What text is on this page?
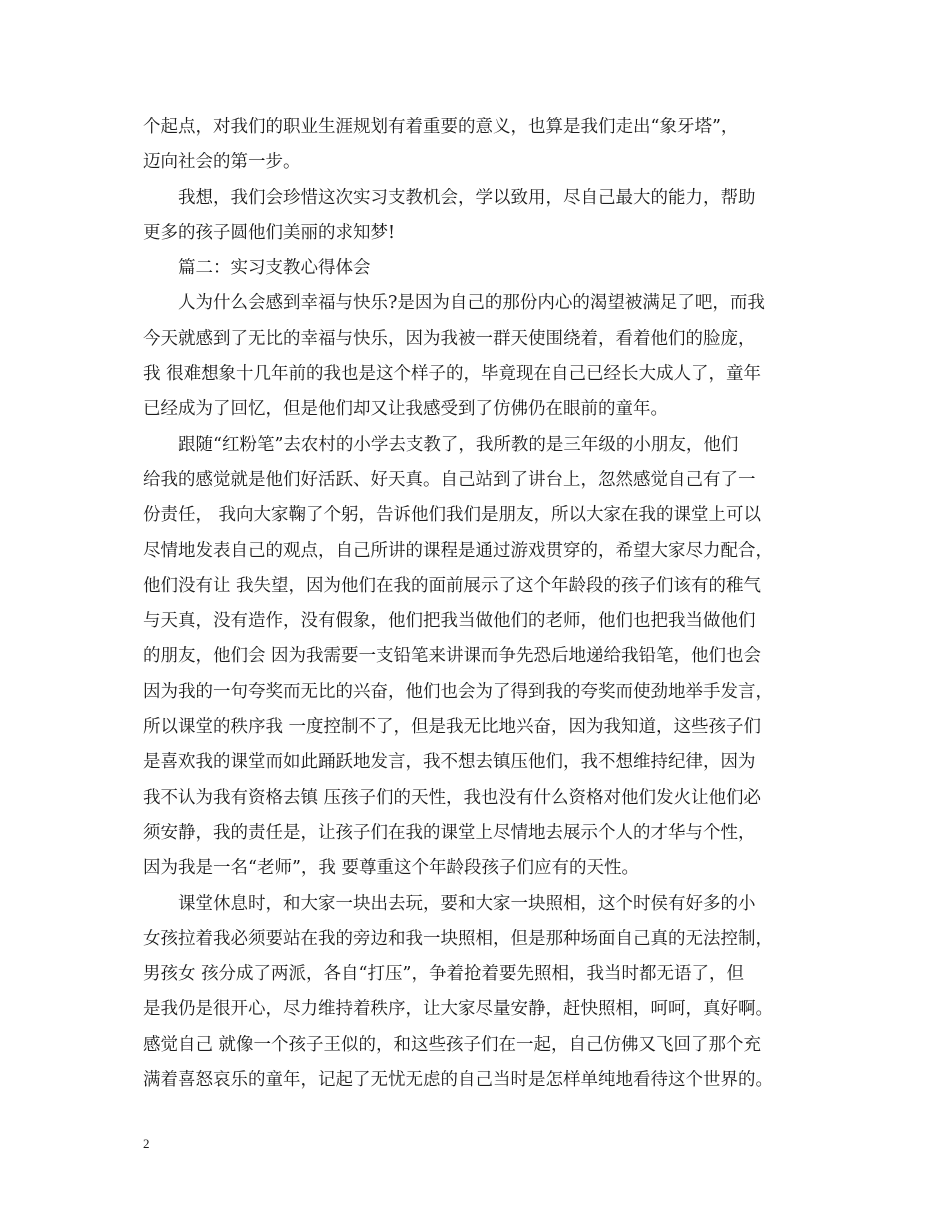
个起点，对我们的职业生涯规划有着重要的意义，也算是我们走出“象牙塔”，
迈向社会的第一步。
我想，我们会珍惜这次实习支教机会，学以致用，尽自己最大的能力，帮助
更多的孩子圆他们美丽的求知梦!
篇二：实习支教心得体会
人为什么会感到幸福与快乐?是因为自己的那份内心的渴望被满足了吧，而我
今天就感到了无比的幸福与快乐，因为我被一群天使围绕着，看着他们的脸庞，
我 很难想象十几年前的我也是这个样子的，毕竟现在自己已经长大成人了，童年
已经成为了回忆，但是他们却又让我感受到了仿佛仍在眼前的童年。
跟随“红粉笔”去农村的小学去支教了，我所教的是三年级的小朋友，他们
给我的感觉就是他们好活跃、好天真。自己站到了讲台上，忽然感觉自己有了一
份责任， 我向大家鞠了个躬，告诉他们我们是朋友，所以大家在我的课堂上可以
尽情地发表自己的观点，自己所讲的课程是通过游戏贯穿的，希望大家尽力配合，
他们没有让 我失望，因为他们在我的面前展示了这个年龄段的孩子们该有的稚气
与天真，没有造作，没有假象，他们把我当做他们的老师，他们也把我当做他们
的朋友，他们会 因为我需要一支铅笔来讲课而争先恐后地递给我铅笔，他们也会
因为我的一句夸奖而无比的兴奋，他们也会为了得到我的夸奖而使劲地举手发言，
所以课堂的秩序我 一度控制不了，但是我无比地兴奋，因为我知道，这些孩子们
是喜欢我的课堂而如此踊跃地发言，我不想去镇压他们，我不想维持纪律，因为
我不认为我有资格去镇 压孩子们的天性，我也没有什么资格对他们发火让他们必
须安静，我的责任是，让孩子们在我的课堂上尽情地去展示个人的才华与个性，
因为我是一名“老师”，我 要尊重这个年龄段孩子们应有的天性。
课堂休息时，和大家一块出去玩，要和大家一块照相，这个时侯有好多的小
女孩拉着我必须要站在我的旁边和我一块照相，但是那种场面自己真的无法控制，
男孩女 孩分成了两派，各自“打压”，争着抢着要先照相，我当时都无语了，但
是我仍是很开心，尽力维持着秩序，让大家尽量安静，赶快照相，呵呵，真好啊。
感觉自己 就像一个孩子王似的，和这些孩子们在一起，自己仿佛又飞回了那个充
满着喜怒哀乐的童年，记起了无忧无虑的自己当时是怎样单纯地看待这个世界的。
2
